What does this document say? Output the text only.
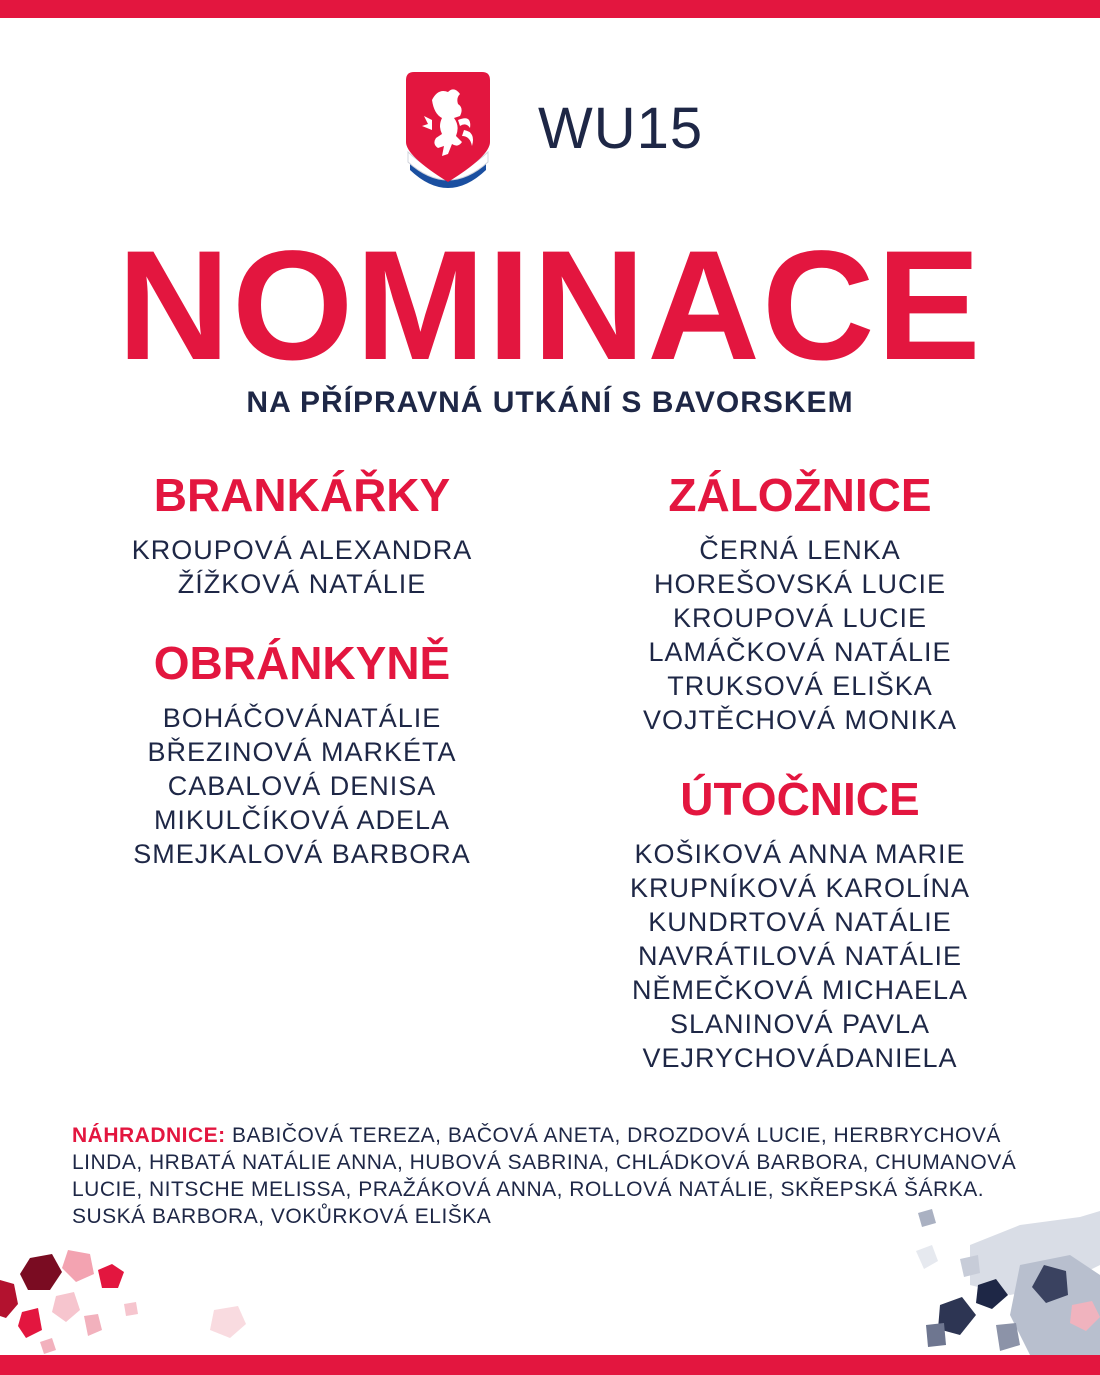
WU15
NOMINACE
NA PŘÍPRAVNÁ UTKÁNÍ S BAVORSKEM
BRANKÁŘKY
KROUPOVÁ ALEXANDRA
ŽÍŽKOVÁ NATÁLIE
OBRÁNKYNĚ
BOHÁČOVÁNATÁLIE
BŘEZINOVÁ MARKÉTA
CABALOVÁ DENISA
MIKULČÍKOVÁ ADELA
SMEJKALOVÁ BARBORA
ZÁLOŽNICE
ČERNÁ LENKA
HOREŠOVSKÁ LUCIE
KROUPOVÁ LUCIE
LAMÁČKOVÁ NATÁLIE
TRUKSOVÁ ELIŠKA
VOJTĚCHOVÁ MONIKA
ÚTOČNICE
KOŠIKOVÁ ANNA MARIE
KRUPNÍKOVÁ KAROLÍNA
KUNDRTOVÁ NATÁLIE
NAVRÁTILOVÁ NATÁLIE
NĚMEČKOVÁ MICHAELA
SLANINOVÁ PAVLA
VEJRYCHOVÁDANIELA
NÁHRADNICE: BABIČOVÁ TEREZA, BAČOVÁ ANETA, DROZDOVÁ LUCIE, HERBRYCHOVÁ LINDA, HRBATÁ NATÁLIE ANNA, HUBOVÁ SABRINA, CHLÁDKOVÁ BARBORA, CHUMANOVÁ LUCIE, NITSCHE MELISSA, PRAŽÁKOVÁ ANNA, ROLLOVÁ NATÁLIE, SKŘEPSKÁ ŠÁRKA. SUSKÁ BARBORA, VOKŮRKOVÁ ELIŠKA
